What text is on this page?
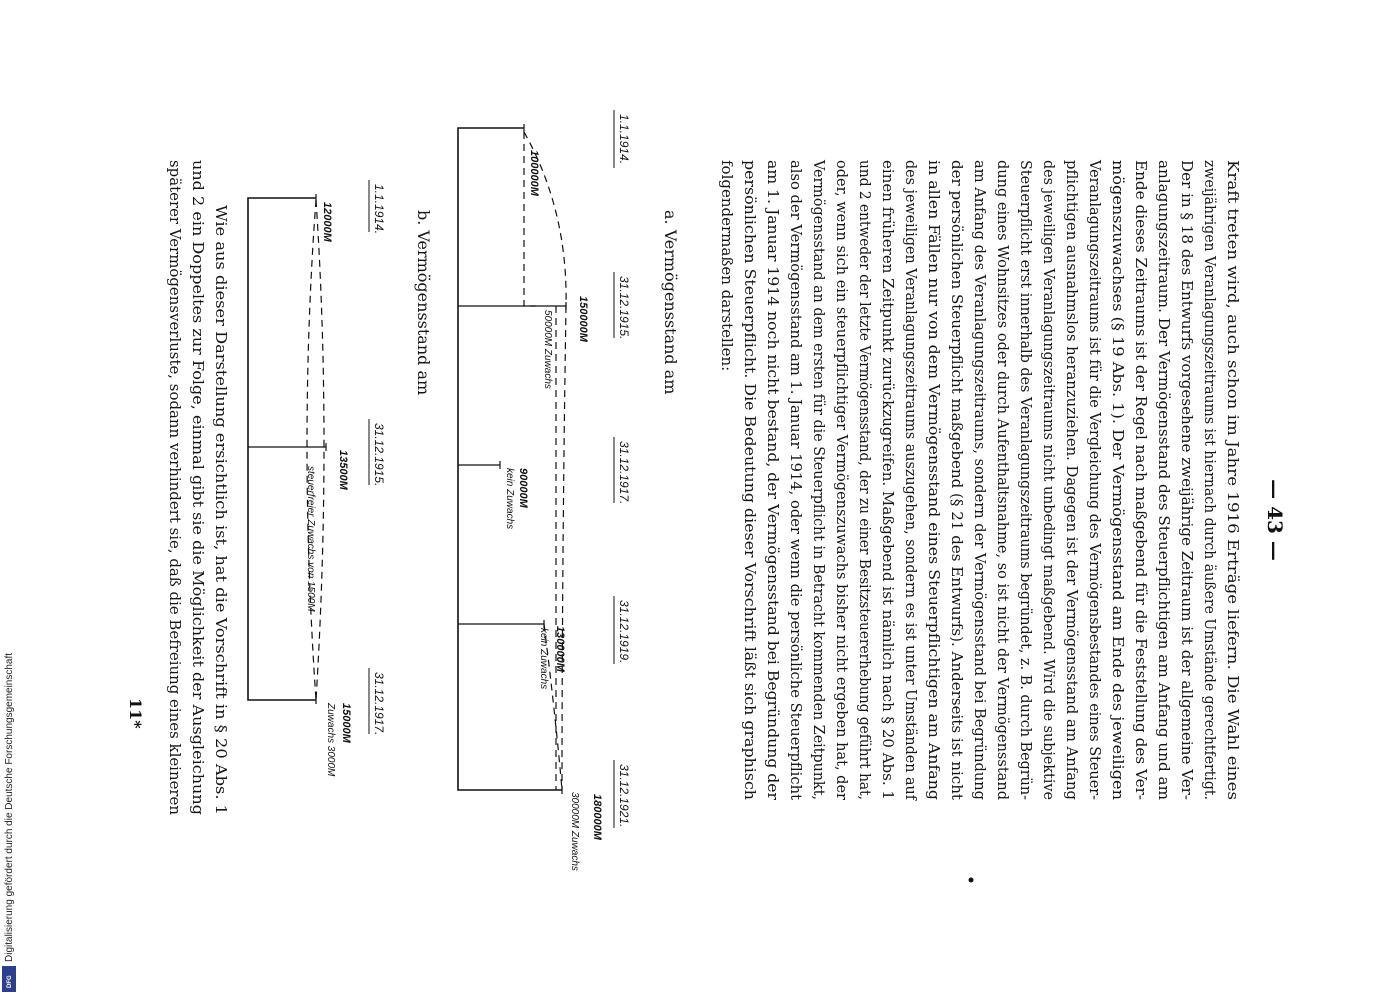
— 43 —
Kraft treten wird, auch schon im Jahre 1916 Erträge liefern. Die Wahl eines
zweijährigen Veranlagungszeitraums ist hiernach durch äußere Umstände gerechtfertigt.
Der in § 18 des Entwurfs vorgesehene zweijährige Zeitraum ist der allgemeine Ver-
anlagungszeitraum. Der Vermögensstand des Steuerpflichtigen am Anfang und am
Ende dieses Zeitraums ist der Regel nach maßgebend für die Feststellung des Ver-
mögenszuwachses (§ 19 Abs. 1). Der Vermögensstand am Ende des jeweiligen
Veranlagungszeitraums ist für die Vergleichung des Vermögensbestandes eines Steuer-
pflichtigen ausnahmslos heranzuziehen. Dagegen ist der Vermögensstand am Anfang
des jeweiligen Veranlagungszeitraums nicht unbedingt maßgebend. Wird die subjektive
Steuerpflicht erst innerhalb des Veranlagungszeitraums begründet, z. B. durch Begrün-
dung eines Wohnsitzes oder durch Aufenthaltsnahme, so ist nicht der Vermögensstand
am Anfang des Veranlagungszeitraums, sondern der Vermögensstand bei Begründung
der persönlichen Steuerpflicht maßgebend (§ 21 des Entwurfs). Anderseits ist nicht
in allen Fällen nur von dem Vermögensstand eines Steuerpflichtigen am Anfang
des jeweiligen Veranlagungszeitraums auszugehen, sondern es ist unter Umständen auf
einen früheren Zeitpunkt zurückzugreifen. Maßgebend ist nämlich nach § 20 Abs. 1
und 2 entweder der letzte Vermögensstand, der zu einer Besitzsteuererhebung geführt hat,
oder, wenn sich ein steuerpflichtiger Vermögenszuwachs bisher nicht ergeben hat, der
Vermögensstand an dem ersten für die Steuerpflicht in Betracht kommenden Zeitpunkt,
also der Vermögensstand am 1. Januar 1914, oder wenn die persönliche Steuerpflicht
am 1. Januar 1914 noch nicht bestand, der Vermögensstand bei Begründung der
persönlichen Steuerpflicht. Die Bedeutung dieser Vorschrift läßt sich graphisch
folgendermaßen darstellen:
a. Vermögensstand am
1.1.1914.
31.12.1915.
31.12.1917.
31.12.1919.
31.12.1921.
100000M
150000M
50000M Zuwachs
90000M
kein Zuwachs
130000M
kein Zuwachs
180000M
30000M Zuwachs
b. Vermögensstand am
1.1.1914.
31.12.1915.
31.12.1917.
12000M
13500M
steuerfreier Zuwachs von 1500M
15000M
Zuwachs 3000M
Wie aus dieser Darstellung ersichtlich ist, hat die Vorschrift in § 20 Abs. 1
und 2 ein Doppeltes zur Folge, einmal gibt sie die Möglichkeit der Ausgleichung
späterer Vermögensverluste, sodann verhindert sie, daß die Befreiung eines kleineren
11*
Digitalisierung gefördert durch die Deutsche Forschungsgemeinschaft
DFG
